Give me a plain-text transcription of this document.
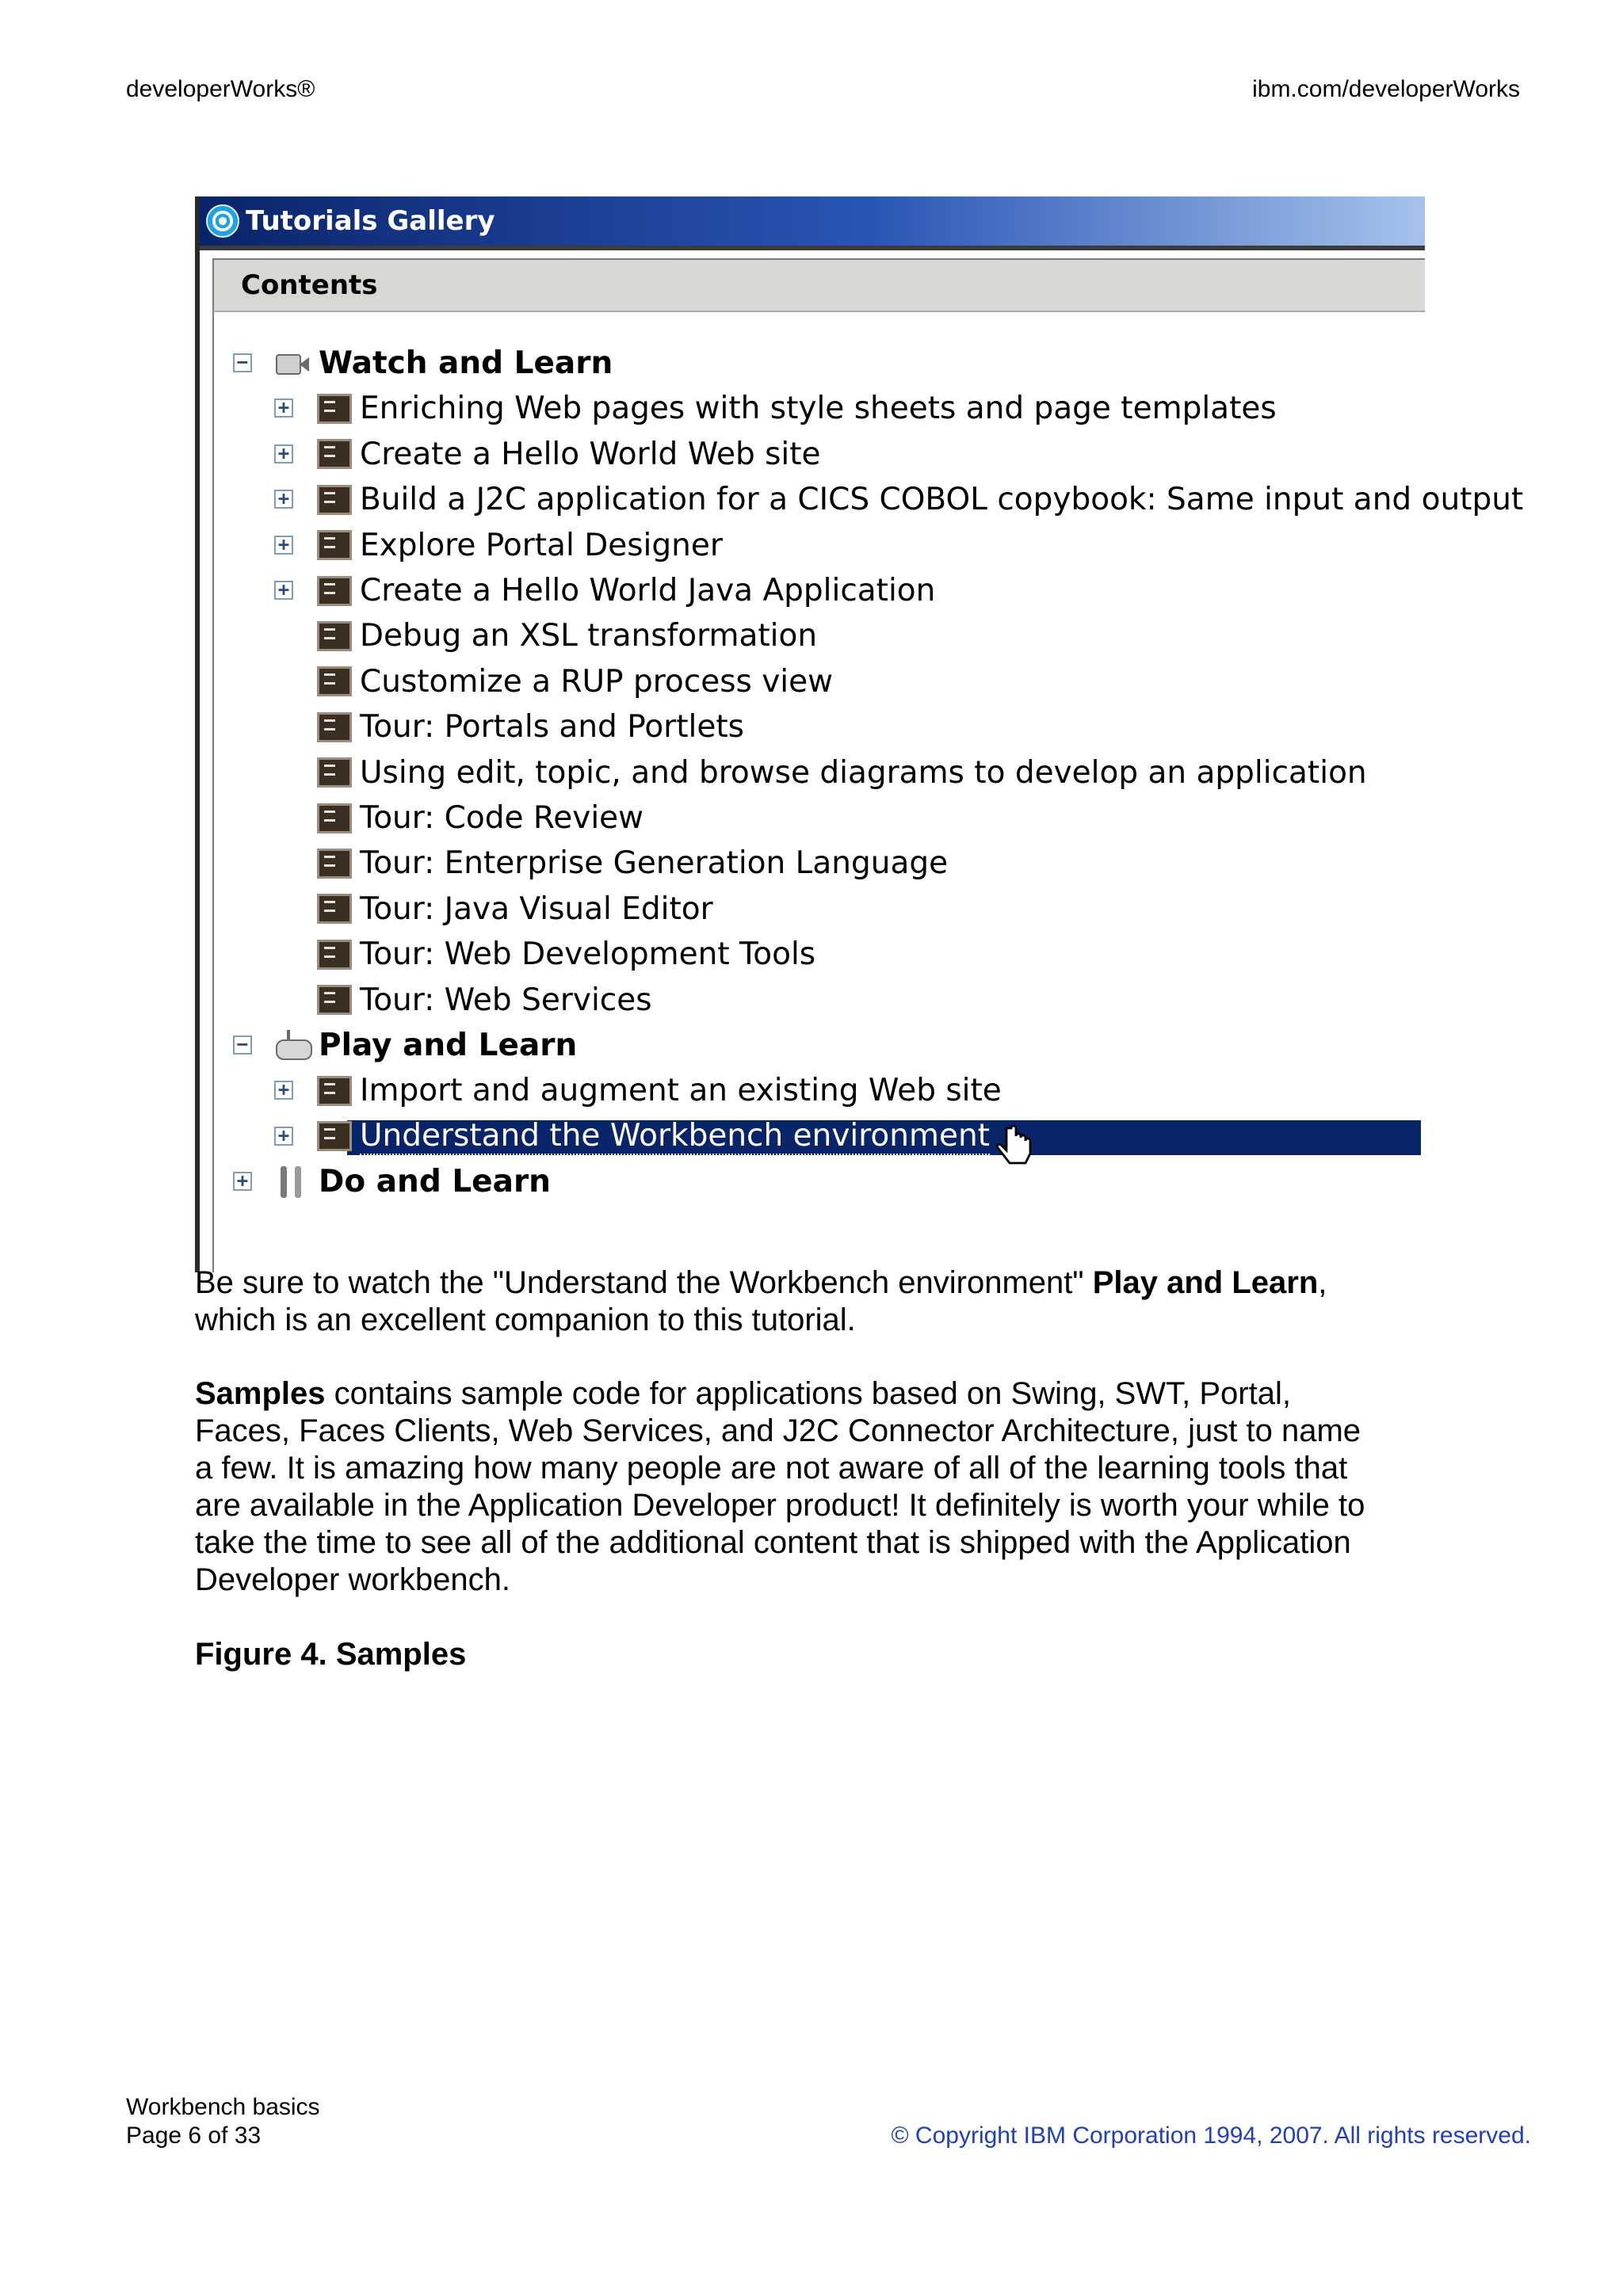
developerWorks®	ibm.com/developerWorks
Tutorials Gallery
Contents
− Watch and Learn
+ Enriching Web pages with style sheets and page templates
+ Create a Hello World Web site
+ Build a J2C application for a CICS COBOL copybook: Same input and output
+ Explore Portal Designer
+ Create a Hello World Java Application
Debug an XSL transformation
Customize a RUP process view
Tour: Portals and Portlets
Using edit, topic, and browse diagrams to develop an application
Tour: Code Review
Tour: Enterprise Generation Language
Tour: Java Visual Editor
Tour: Web Development Tools
Tour: Web Services
− Play and Learn
+ Import and augment an existing Web site
+ Understand the Workbench environment
+ Do and Learn
Be sure to watch the "Understand the Workbench environment" Play and Learn,
which is an excellent companion to this tutorial.
Samples contains sample code for applications based on Swing, SWT, Portal,
Faces, Faces Clients, Web Services, and J2C Connector Architecture, just to name
a few. It is amazing how many people are not aware of all of the learning tools that
are available in the Application Developer product! It definitely is worth your while to
take the time to see all of the additional content that is shipped with the Application
Developer workbench.
Figure 4. Samples
Workbench basics
Page 6 of 33	© Copyright IBM Corporation 1994, 2007. All rights reserved.
